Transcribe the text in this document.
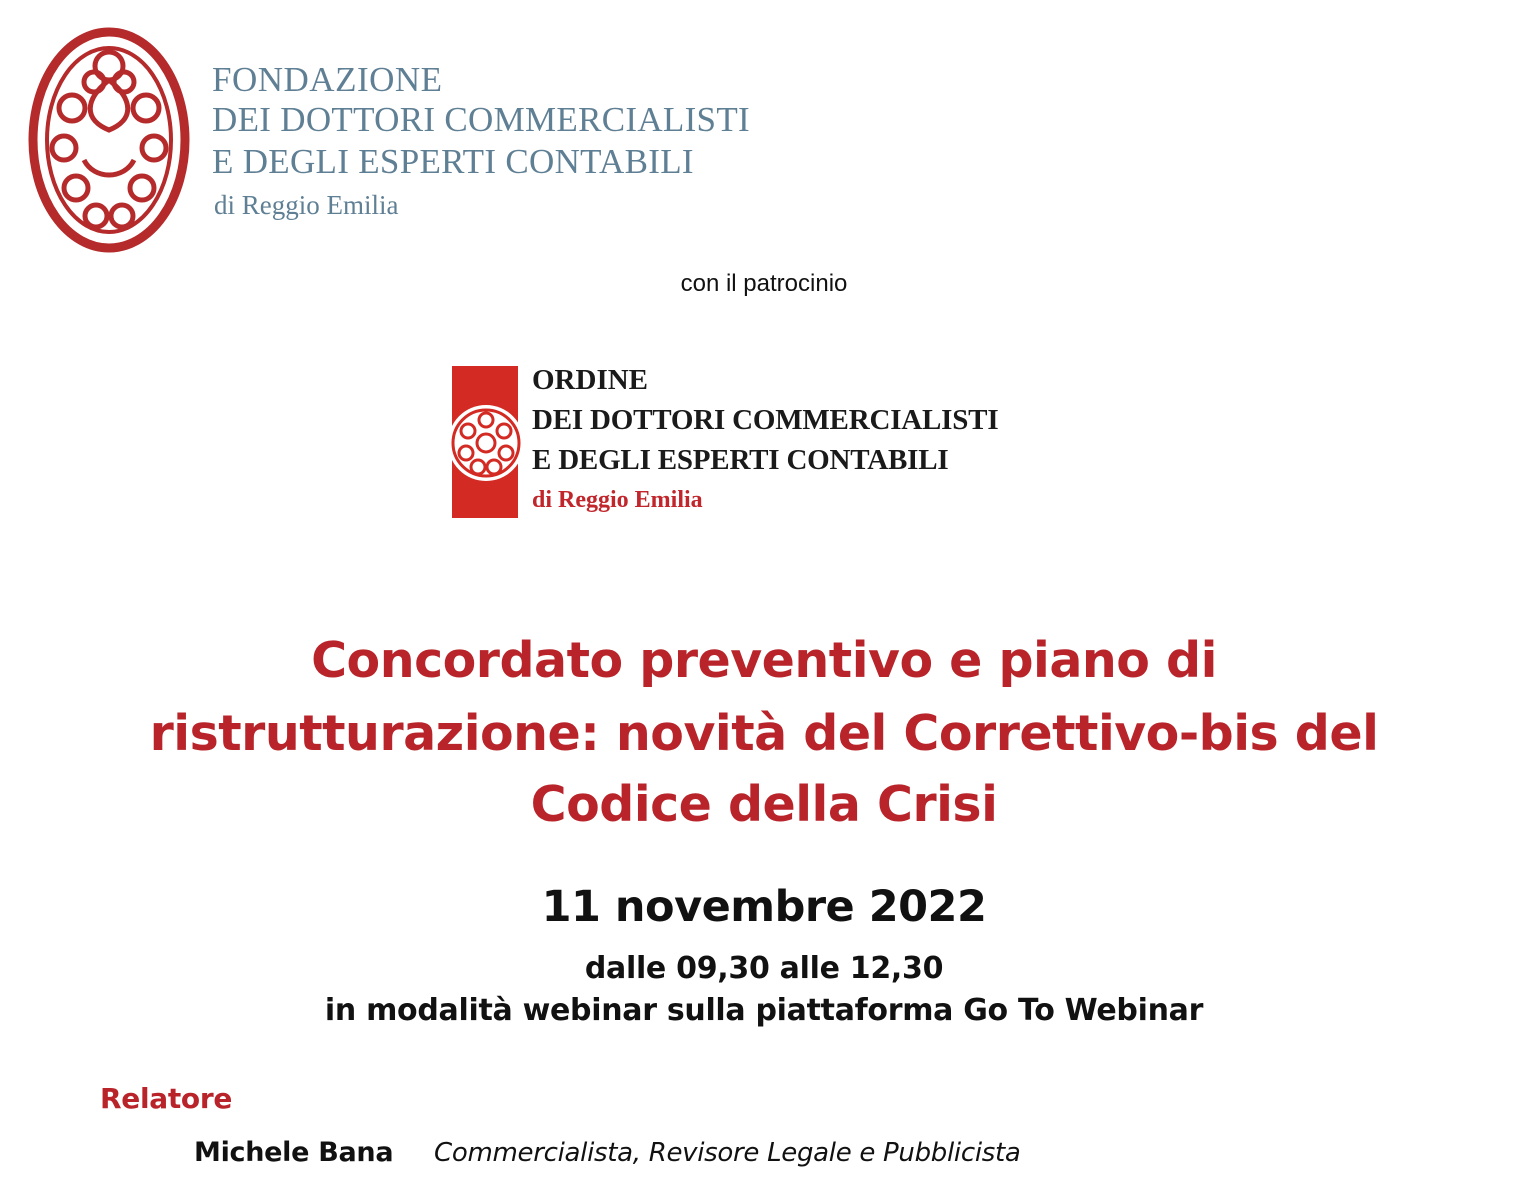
FONDAZIONE
DEI DOTTORI COMMERCIALISTI
E DEGLI ESPERTI CONTABILI
di Reggio Emilia
con il patrocinio
ORDINE
DEI DOTTORI COMMERCIALISTI
E DEGLI ESPERTI CONTABILI
di Reggio Emilia
Concordato preventivo e piano di
ristrutturazione: novità del Correttivo-bis del
Codice della Crisi
11 novembre 2022
dalle 09,30 alle 12,30
in modalità webinar sulla piattaforma Go To Webinar
Relatore
Michele Bana Commercialista, Revisore Legale e Pubblicista
